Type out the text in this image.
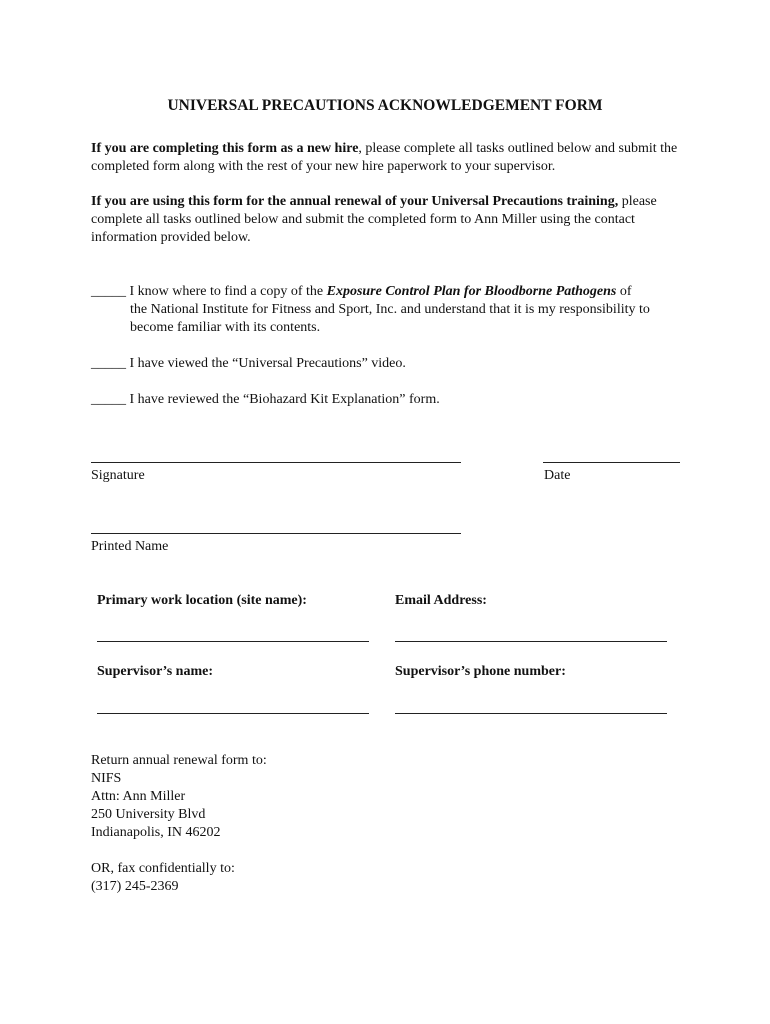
UNIVERSAL PRECAUTIONS ACKNOWLEDGEMENT FORM
If you are completing this form as a new hire, please complete all tasks outlined below and submit the completed form along with the rest of your new hire paperwork to your supervisor.
If you are using this form for the annual renewal of your Universal Precautions training, please complete all tasks outlined below and submit the completed form to Ann Miller using the contact information provided below.
_____ I know where to find a copy of the Exposure Control Plan for Bloodborne Pathogens of
the National Institute for Fitness and Sport, Inc. and understand that it is my responsibility to become familiar with its contents.
_____ I have viewed the “Universal Precautions” video.
_____ I have reviewed the “Biohazard Kit Explanation” form.
Signature	Date
Printed Name
Primary work location (site name):	Email Address:
Supervisor’s name:	Supervisor’s phone number:
Return annual renewal form to:
NIFS
Attn: Ann Miller
250 University Blvd
Indianapolis, IN 46202
OR, fax confidentially to:
(317) 245-2369
